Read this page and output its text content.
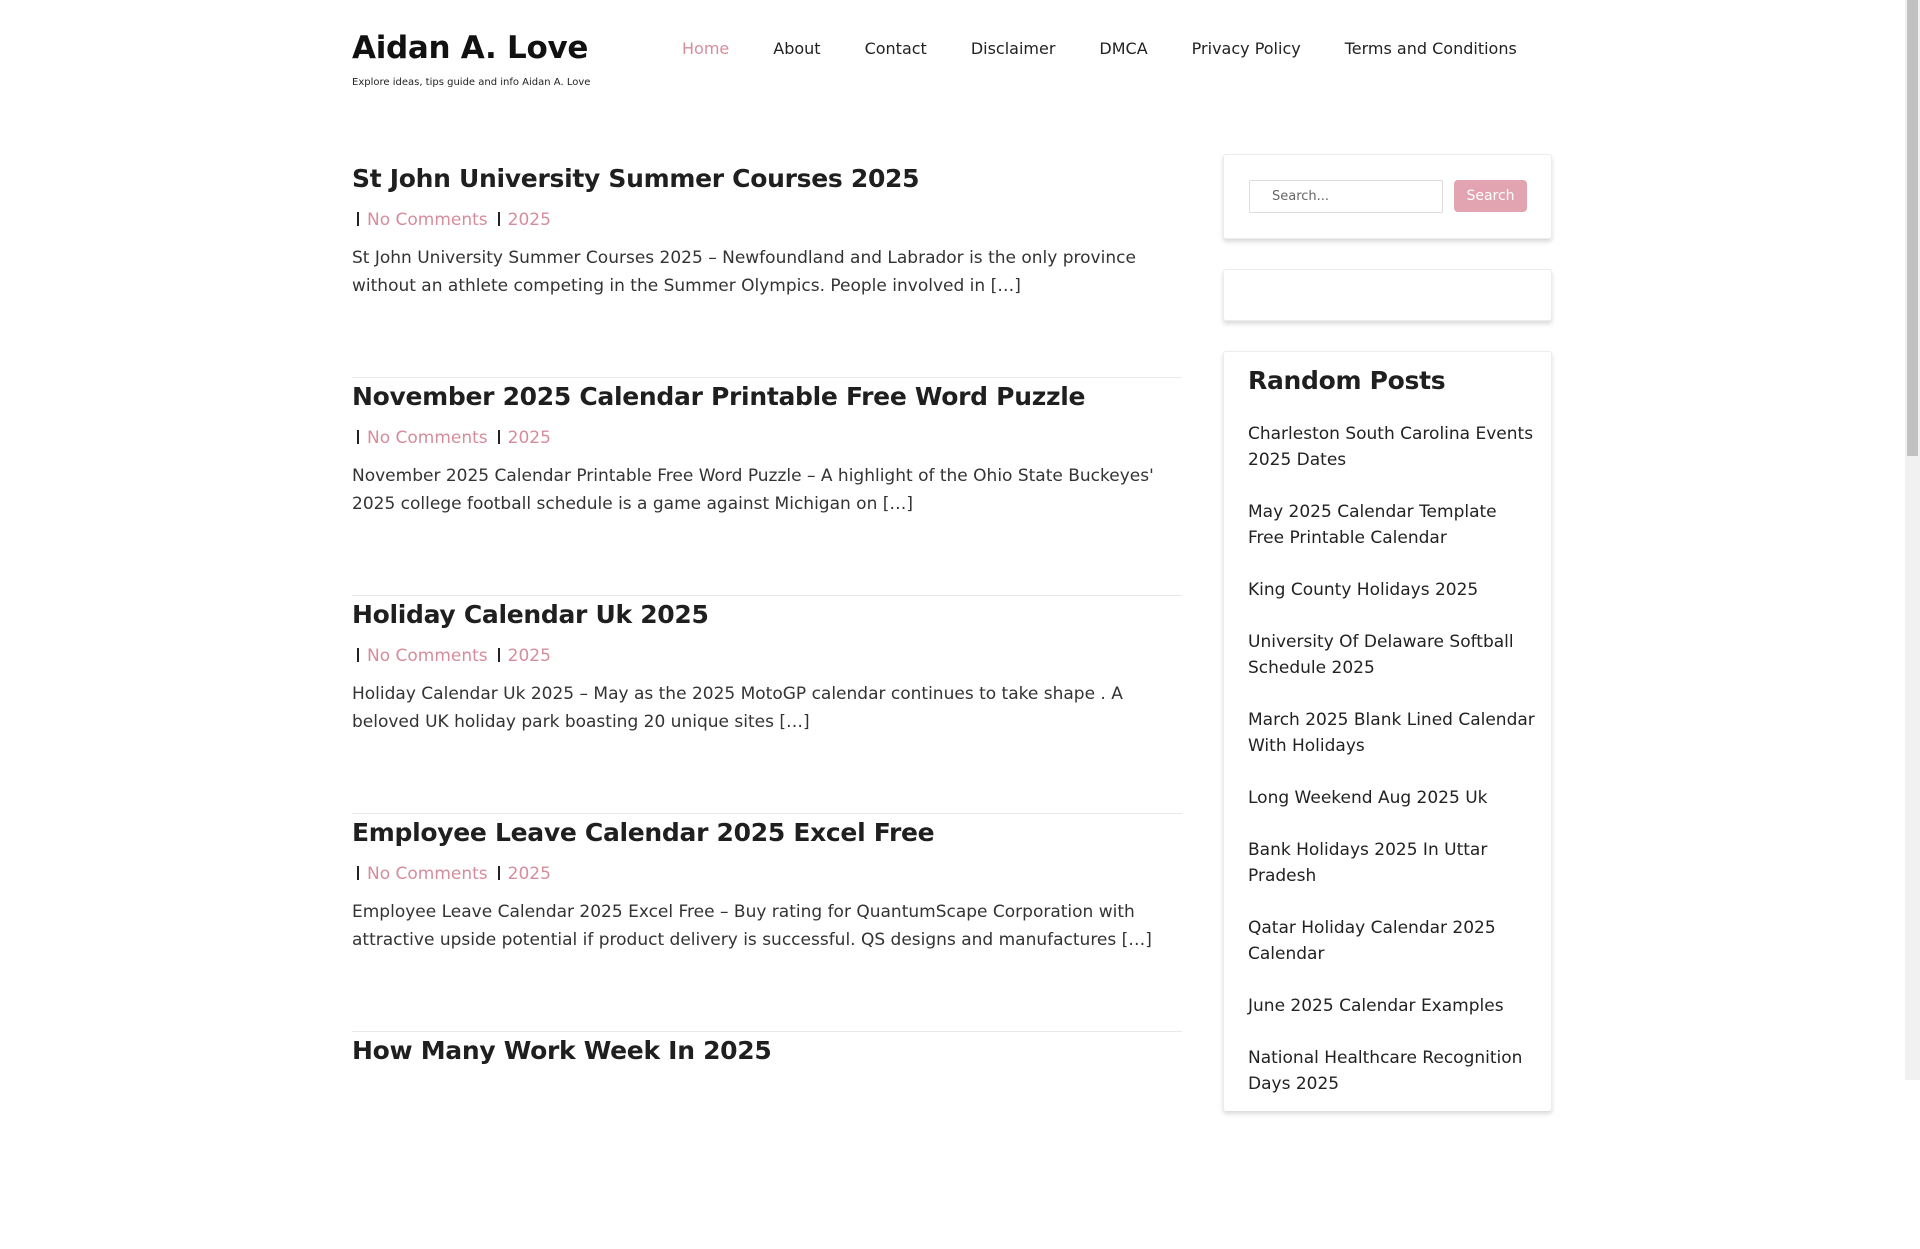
Aidan A. Love
Explore ideas, tips guide and info Aidan A. Love
Home	About	Contact	Disclaimer	DMCA	Privacy Policy	Terms and Conditions
St John University Summer Courses 2025
No Comments 2025
St John University Summer Courses 2025 – Newfoundland and Labrador is the only province without an athlete competing in the Summer Olympics. People involved in […]
November 2025 Calendar Printable Free Word Puzzle
No Comments 2025
November 2025 Calendar Printable Free Word Puzzle – A highlight of the Ohio State Buckeyes' 2025 college football schedule is a game against Michigan on […]
Holiday Calendar Uk 2025
No Comments 2025
Holiday Calendar Uk 2025 – May as the 2025 MotoGP calendar continues to take shape . A beloved UK holiday park boasting 20 unique sites […]
Employee Leave Calendar 2025 Excel Free
No Comments 2025
Employee Leave Calendar 2025 Excel Free – Buy rating for QuantumScape Corporation with attractive upside potential if product delivery is successful. QS designs and manufactures […]
How Many Work Week In 2025
Search...
Search
Random Posts
Charleston South Carolina Events 2025 Dates
May 2025 Calendar Template Free Printable Calendar
King County Holidays 2025
University Of Delaware Softball Schedule 2025
March 2025 Blank Lined Calendar With Holidays
Long Weekend Aug 2025 Uk
Bank Holidays 2025 In Uttar Pradesh
Qatar Holiday Calendar 2025 Calendar
June 2025 Calendar Examples
National Healthcare Recognition Days 2025
